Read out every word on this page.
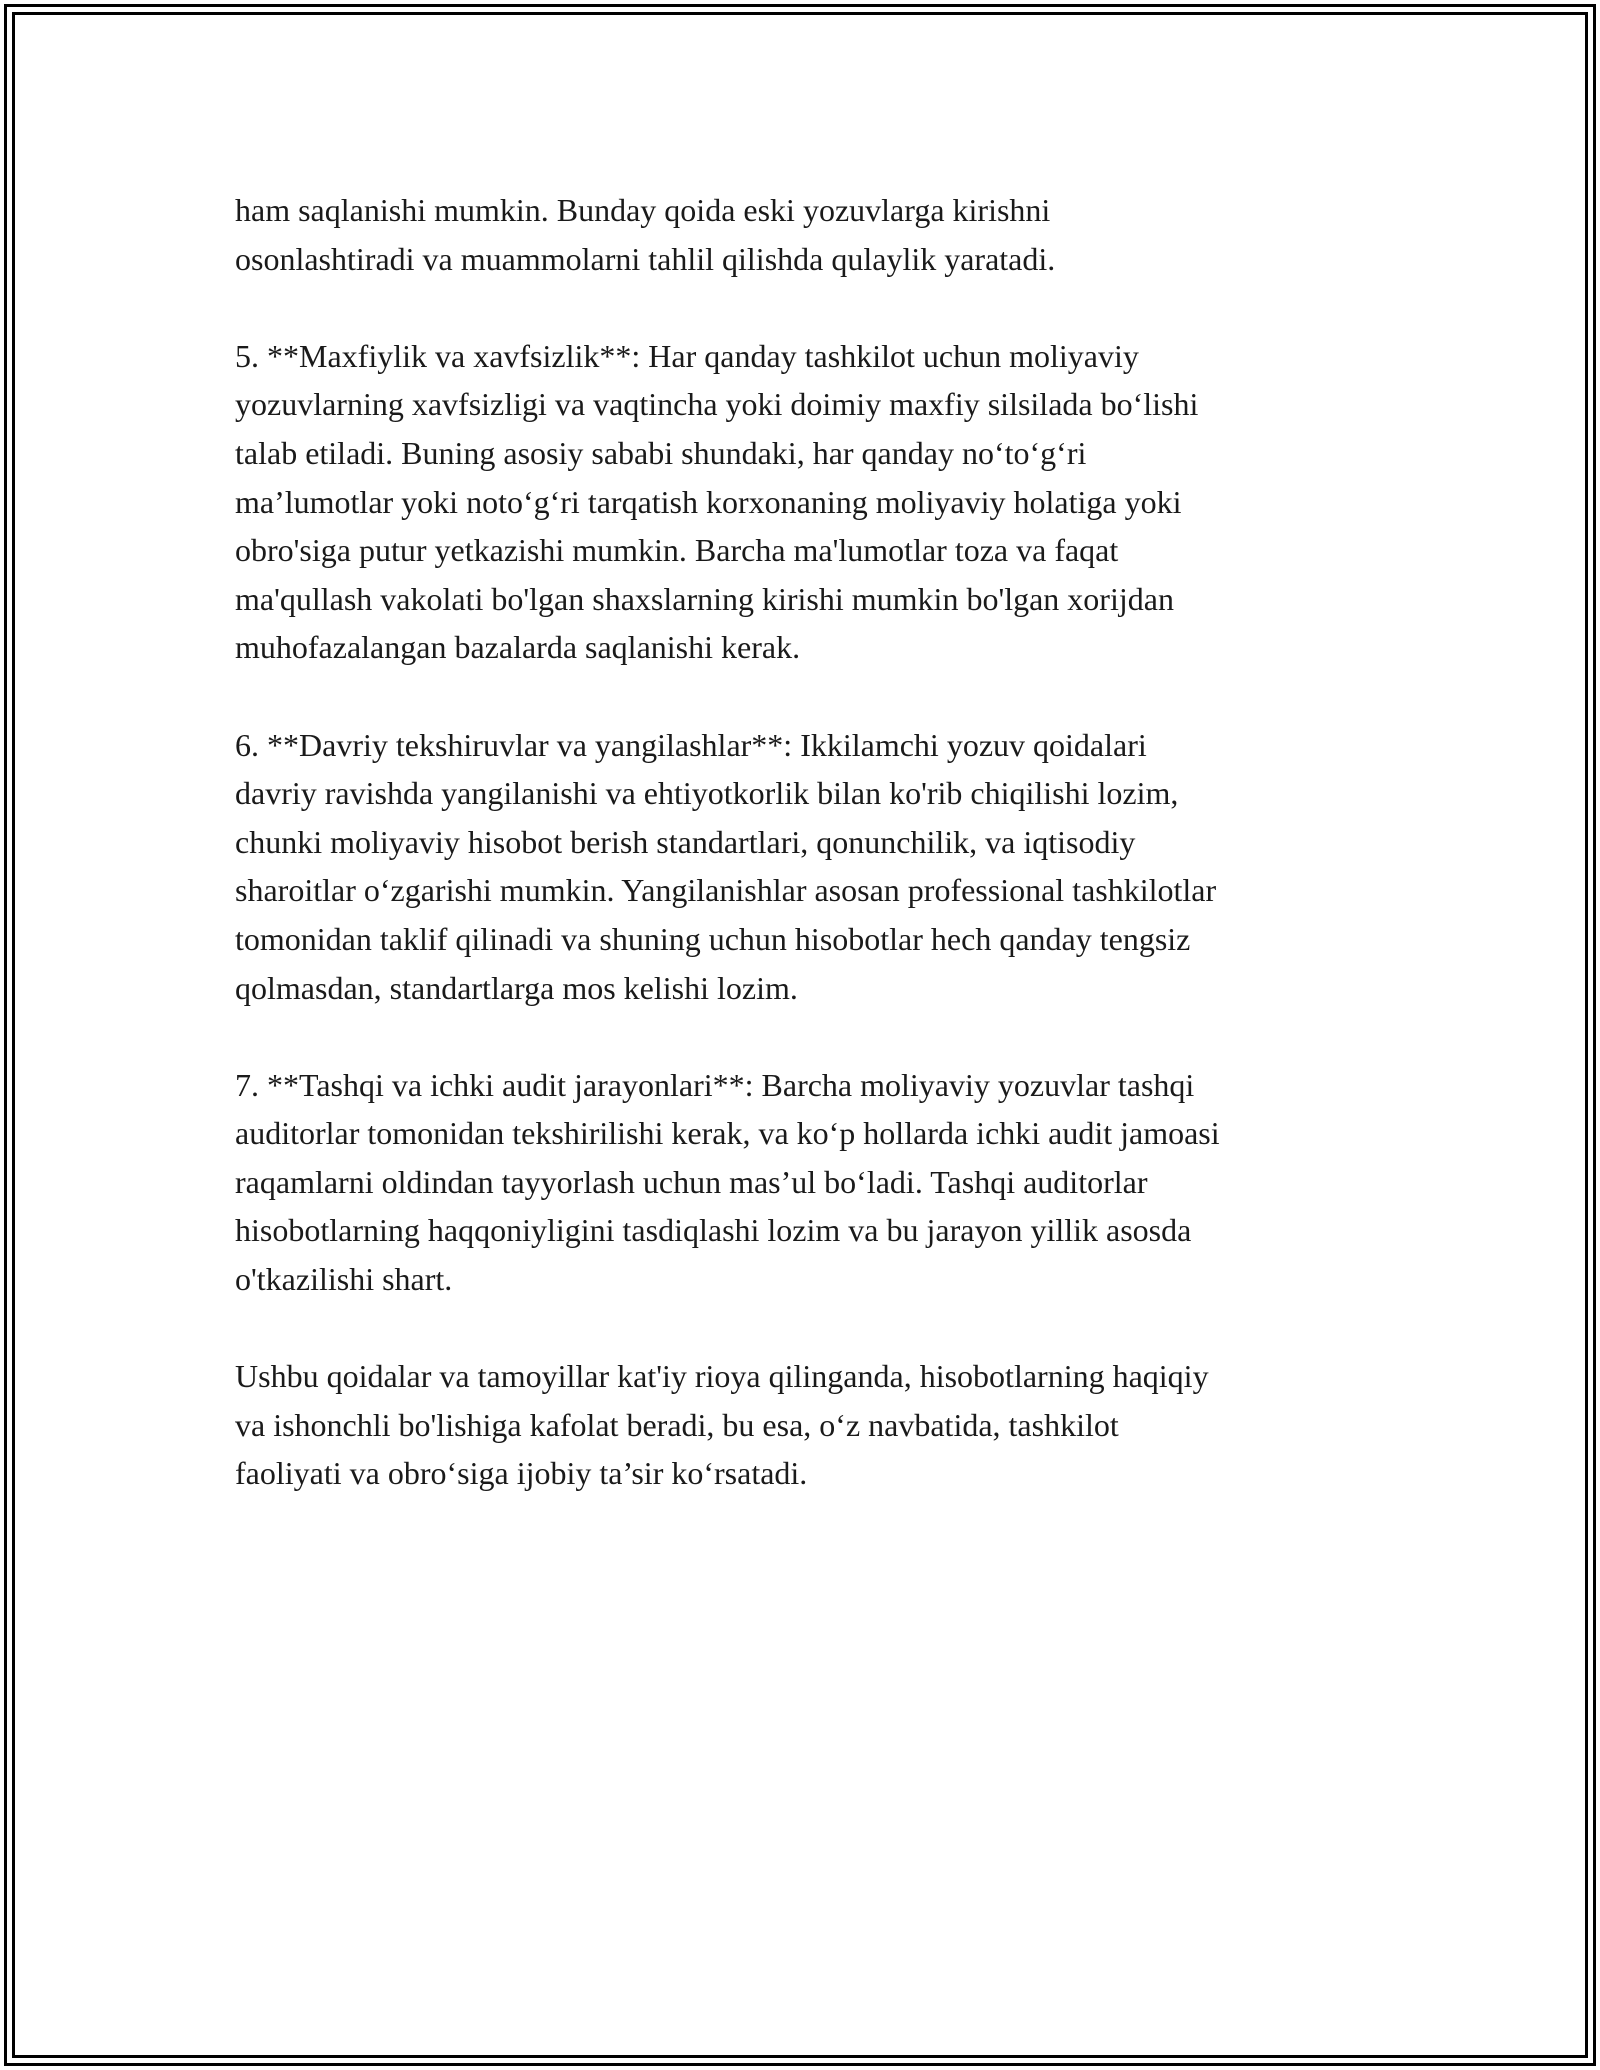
ham saqlanishi mumkin. Bunday qoida eski yozuvlarga kirishni
osonlashtiradi va muammolarni tahlil qilishda qulaylik yaratadi.

5. **Maxfiylik va xavfsizlik**: Har qanday tashkilot uchun moliyaviy
yozuvlarning xavfsizligi va vaqtincha yoki doimiy maxfiy silsilada bo‘lishi
talab etiladi. Buning asosiy sababi shundaki, har qanday no‘to‘g‘ri
ma’lumotlar yoki noto‘g‘ri tarqatish korxonaning moliyaviy holatiga yoki
obro'siga putur yetkazishi mumkin. Barcha ma'lumotlar toza va faqat
ma'qullash vakolati bo'lgan shaxslarning kirishi mumkin bo'lgan xorijdan
muhofazalangan bazalarda saqlanishi kerak.

6. **Davriy tekshiruvlar va yangilashlar**: Ikkilamchi yozuv qoidalari
davriy ravishda yangilanishi va ehtiyotkorlik bilan ko'rib chiqilishi lozim,
chunki moliyaviy hisobot berish standartlari, qonunchilik, va iqtisodiy
sharoitlar o‘zgarishi mumkin. Yangilanishlar asosan professional tashkilotlar
tomonidan taklif qilinadi va shuning uchun hisobotlar hech qanday tengsiz
qolmasdan, standartlarga mos kelishi lozim.

7. **Tashqi va ichki audit jarayonlari**: Barcha moliyaviy yozuvlar tashqi
auditorlar tomonidan tekshirilishi kerak, va ko‘p hollarda ichki audit jamoasi
raqamlarni oldindan tayyorlash uchun mas’ul bo‘ladi. Tashqi auditorlar
hisobotlarning haqqoniyligini tasdiqlashi lozim va bu jarayon yillik asosda
o'tkazilishi shart.

Ushbu qoidalar va tamoyillar kat'iy rioya qilinganda, hisobotlarning haqiqiy
va ishonchli bo'lishiga kafolat beradi, bu esa, o‘z navbatida, tashkilot
faoliyati va obro‘siga ijobiy ta’sir ko‘rsatadi.
